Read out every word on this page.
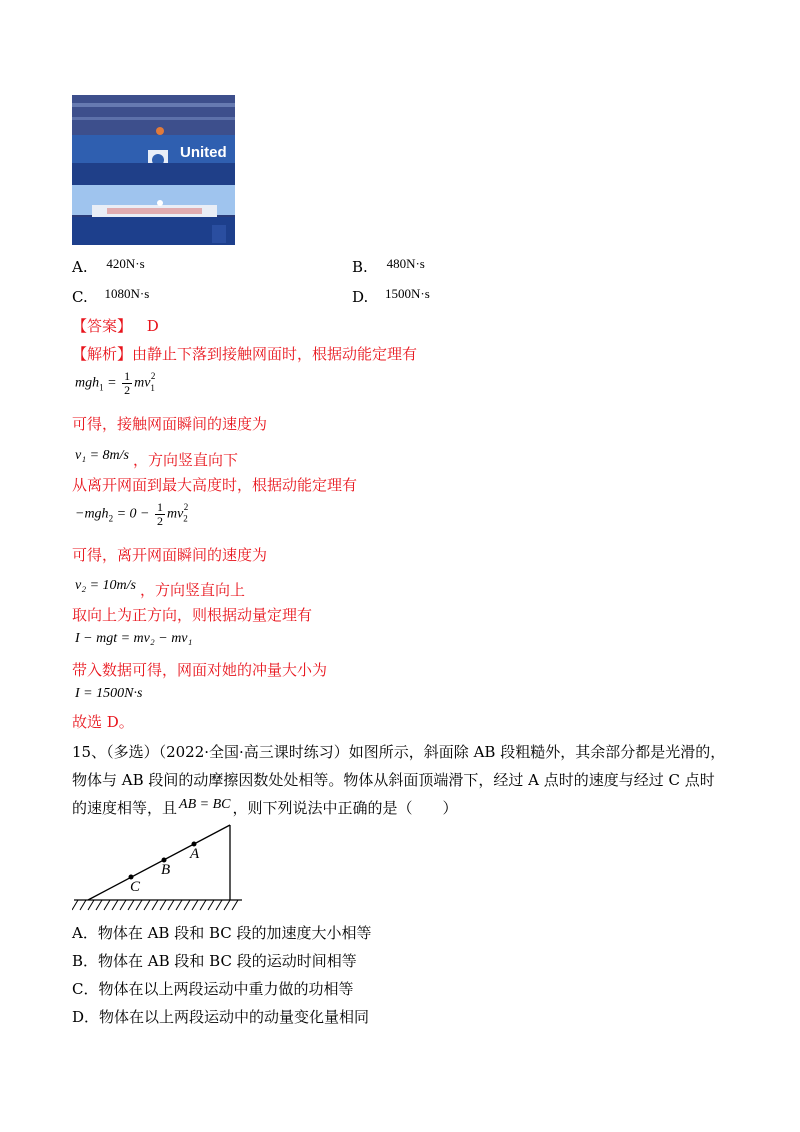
United
A. 420N·s	B. 480N·s
C. 1080N·s	D. 1500N·s
【答案】 D
【解析】由静止下落到接触网面时，根据动能定理有
$mgh_1 = \frac{1}{2} mv_1^2$
可得，接触网面瞬间的速度为
v₁ = 8m/s ，方向竖直向下
从离开网面到最大高度时，根据动能定理有
$-mgh_2 = 0 - \frac{1}{2} mv_2^2$
可得，离开网面瞬间的速度为
v₂ = 10m/s ，方向竖直向上
取向上为正方向，则根据动量定理有
I − mgt = mv₂ − mv₁
带入数据可得，网面对她的冲量大小为
I = 1500N·s
故选 D。
15、（多选）（2022·全国·高三课时练习）如图所示，斜面除 AB 段粗糙外，其余部分都是光滑的，
物体与 AB 段间的动摩擦因数处处相等。物体从斜面顶端滑下，经过 A 点时的速度与经过 C 点时
的速度相等，且 AB = BC ，则下列说法中正确的是（　　）
A
B
C
A．物体在 AB 段和 BC 段的加速度大小相等
B．物体在 AB 段和 BC 段的运动时间相等
C．物体在以上两段运动中重力做的功相等
D．物体在以上两段运动中的动量变化量相同
